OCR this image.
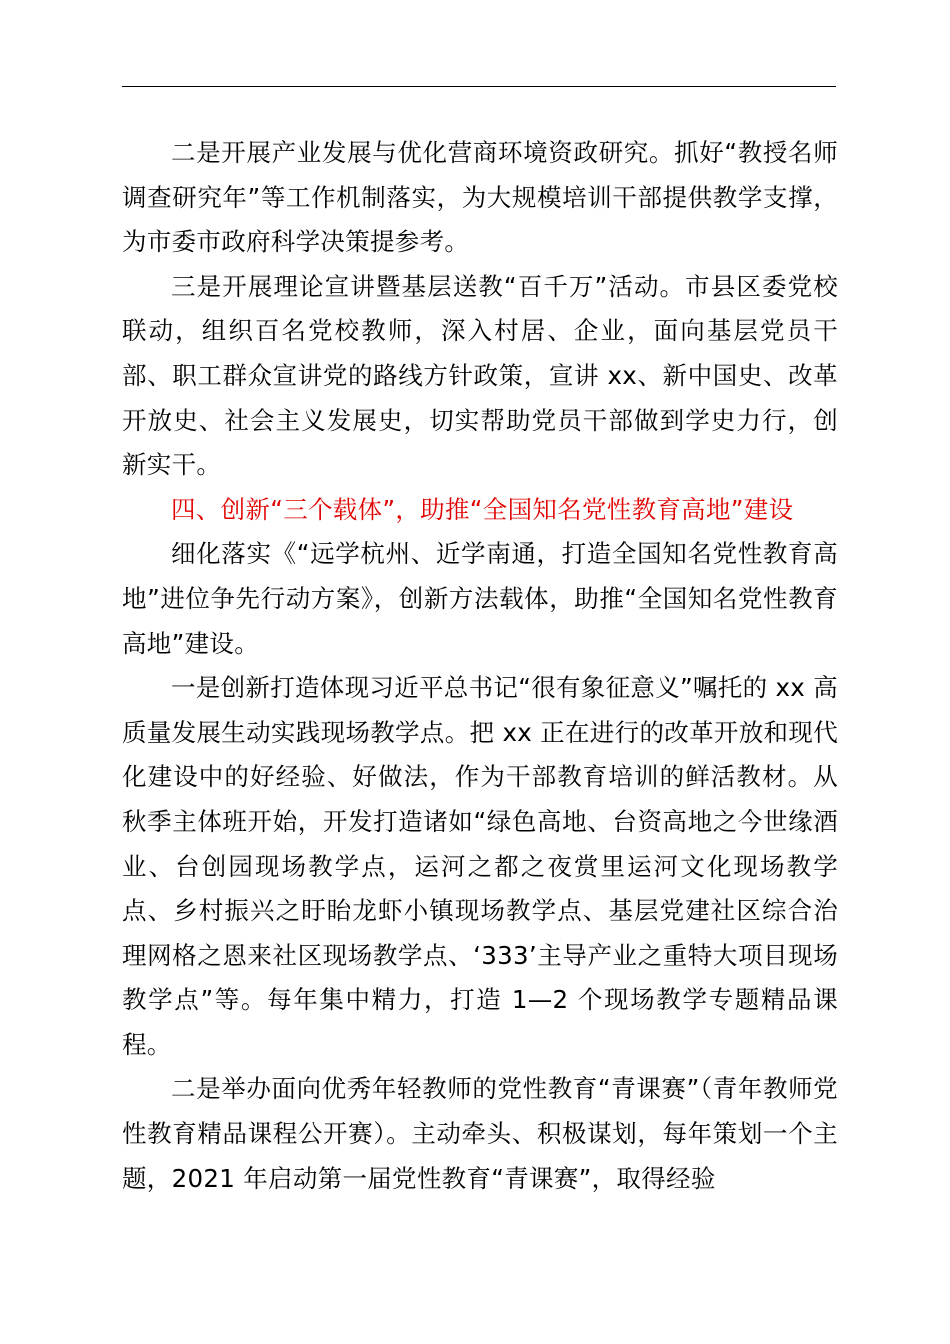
二是开展产业发展与优化营商环境资政研究。抓好“教授名师调查研究年”等工作机制落实，为大规模培训干部提供教学支撑，为市委市政府科学决策提参考。

三是开展理论宣讲暨基层送教“百千万”活动。市县区委党校联动，组织百名党校教师，深入村居、企业，面向基层党员干部、职工群众宣讲党的路线方针政策，宣讲 xx、新中国史、改革开放史、社会主义发展史，切实帮助党员干部做到学史力行，创新实干。

四、创新“三个载体”，助推“全国知名党性教育高地”建设

细化落实《“远学杭州、近学南通，打造全国知名党性教育高地”进位争先行动方案》，创新方法载体，助推“全国知名党性教育高地”建设。

一是创新打造体现习近平总书记“很有象征意义”嘱托的 xx 高质量发展生动实践现场教学点。把 xx 正在进行的改革开放和现代化建设中的好经验、好做法，作为干部教育培训的鲜活教材。从秋季主体班开始，开发打造诸如“绿色高地、台资高地之今世缘酒业、台创园现场教学点，运河之都之夜赏里运河文化现场教学点、乡村振兴之盱眙龙虾小镇现场教学点、基层党建社区综合治理网格之恩来社区现场教学点、‘333’主导产业之重特大项目现场教学点”等。每年集中精力，打造 1—2 个现场教学专题精品课程。

二是举办面向优秀年轻教师的党性教育“青课赛”（青年教师党性教育精品课程公开赛）。主动牵头、积极谋划，每年策划一个主题，2021 年启动第一届党性教育“青课赛”，取得经验
